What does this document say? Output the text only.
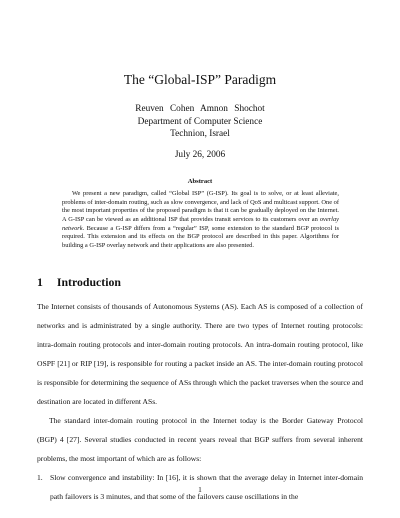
The “Global-ISP” Paradigm
Reuven Cohen Amnon Shochot
Department of Computer Science
Technion, Israel
July 26, 2006
Abstract

We present a new paradigm, called “Global ISP” (G-ISP). Its goal is to solve, or at least alleviate, problems of inter-domain routing, such as slow convergence, and lack of QoS and multicast support. One of the most important properties of the proposed paradigm is that it can be gradually deployed on the Internet. A G-ISP can be viewed as an additional ISP that provides transit services to its customers over an overlay network. Because a G-ISP differs from a “regular” ISP, some extension to the standard BGP protocol is required. This extension and its effects on the BGP protocol are described in this paper. Algorithms for building a G-ISP overlay network and their applications are also presented.

1 Introduction

The Internet consists of thousands of Autonomous Systems (AS). Each AS is composed of a collection of networks and is administrated by a single authority. There are two types of Internet routing protocols: intra-domain routing protocols and inter-domain routing protocols. An intra-domain routing protocol, like OSPF [21] or RIP [19], is responsible for routing a packet inside an AS. The inter-domain routing protocol is responsible for determining the sequence of ASs through which the packet traverses when the source and destination are located in different ASs.

The standard inter-domain routing protocol in the Internet today is the Border Gateway Protocol (BGP) 4 [27]. Several studies conducted in recent years reveal that BGP suffers from several inherent problems, the most important of which are as follows:

1. Slow convergence and instability: In [16], it is shown that the average delay in Internet inter-domain path failovers is 3 minutes, and that some of the failovers cause oscillations in the
1
